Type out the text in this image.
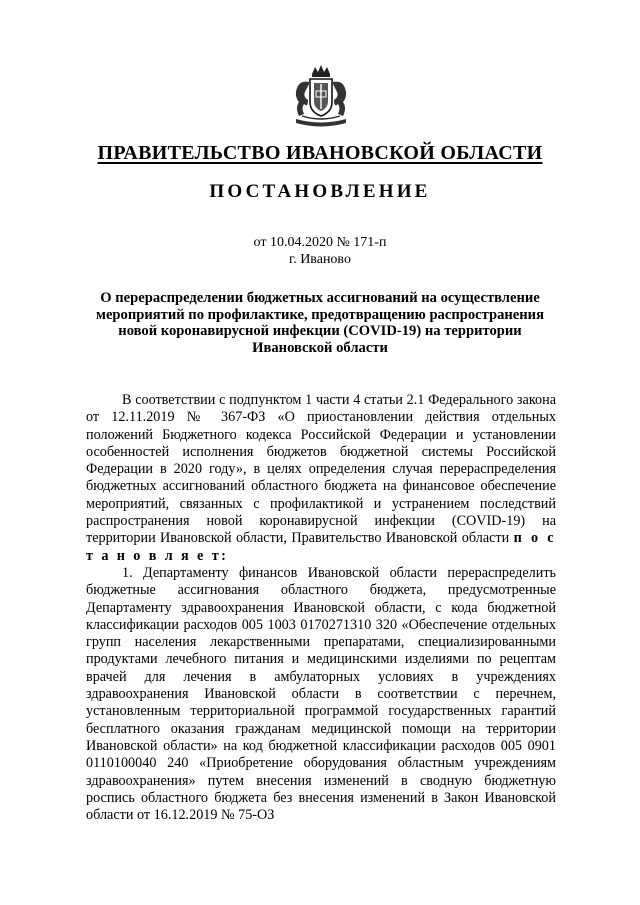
ПРАВИТЕЛЬСТВО ИВАНОВСКОЙ ОБЛАСТИ
ПОСТАНОВЛЕНИЕ
от 10.04.2020 № 171-п
г. Иваново
О перераспределении бюджетных ассигнований на осуществление мероприятий по профилактике, предотвращению распространения новой коронавирусной инфекции (COVID-19) на территории Ивановской области

В соответствии с подпунктом 1 части 4 статьи 2.1 Федерального закона от 12.11.2019 № 367-ФЗ «О приостановлении действия отдельных положений Бюджетного кодекса Российской Федерации и установлении особенностей исполнения бюджетов бюджетной системы Российской Федерации в 2020 году», в целях определения случая перераспределения бюджетных ассигнований областного бюджета на финансовое обеспечение мероприятий, связанных с профилактикой и устранением последствий распространения новой коронавирусной инфекции (COVID-19) на территории Ивановской области, Правительство Ивановской области п о с т а н о в л я е т:

1. Департаменту финансов Ивановской области перераспределить бюджетные ассигнования областного бюджета, предусмотренные Департаменту здравоохранения Ивановской области, с кода бюджетной классификации расходов 005 1003 0170271310 320 «Обеспечение отдельных групп населения лекарственными препаратами, специализированными продуктами лечебного питания и медицинскими изделиями по рецептам врачей для лечения в амбулаторных условиях в учреждениях здравоохранения Ивановской области в соответствии с перечнем, установленным территориальной программой государственных гарантий бесплатного оказания гражданам медицинской помощи на территории Ивановской области» на код бюджетной классификации расходов 005 0901 0110100040 240 «Приобретение оборудования областным учреждениям здравоохранения» путем внесения изменений в сводную бюджетную роспись областного бюджета без внесения изменений в Закон Ивановской области от 16.12.2019 № 75-ОЗ
